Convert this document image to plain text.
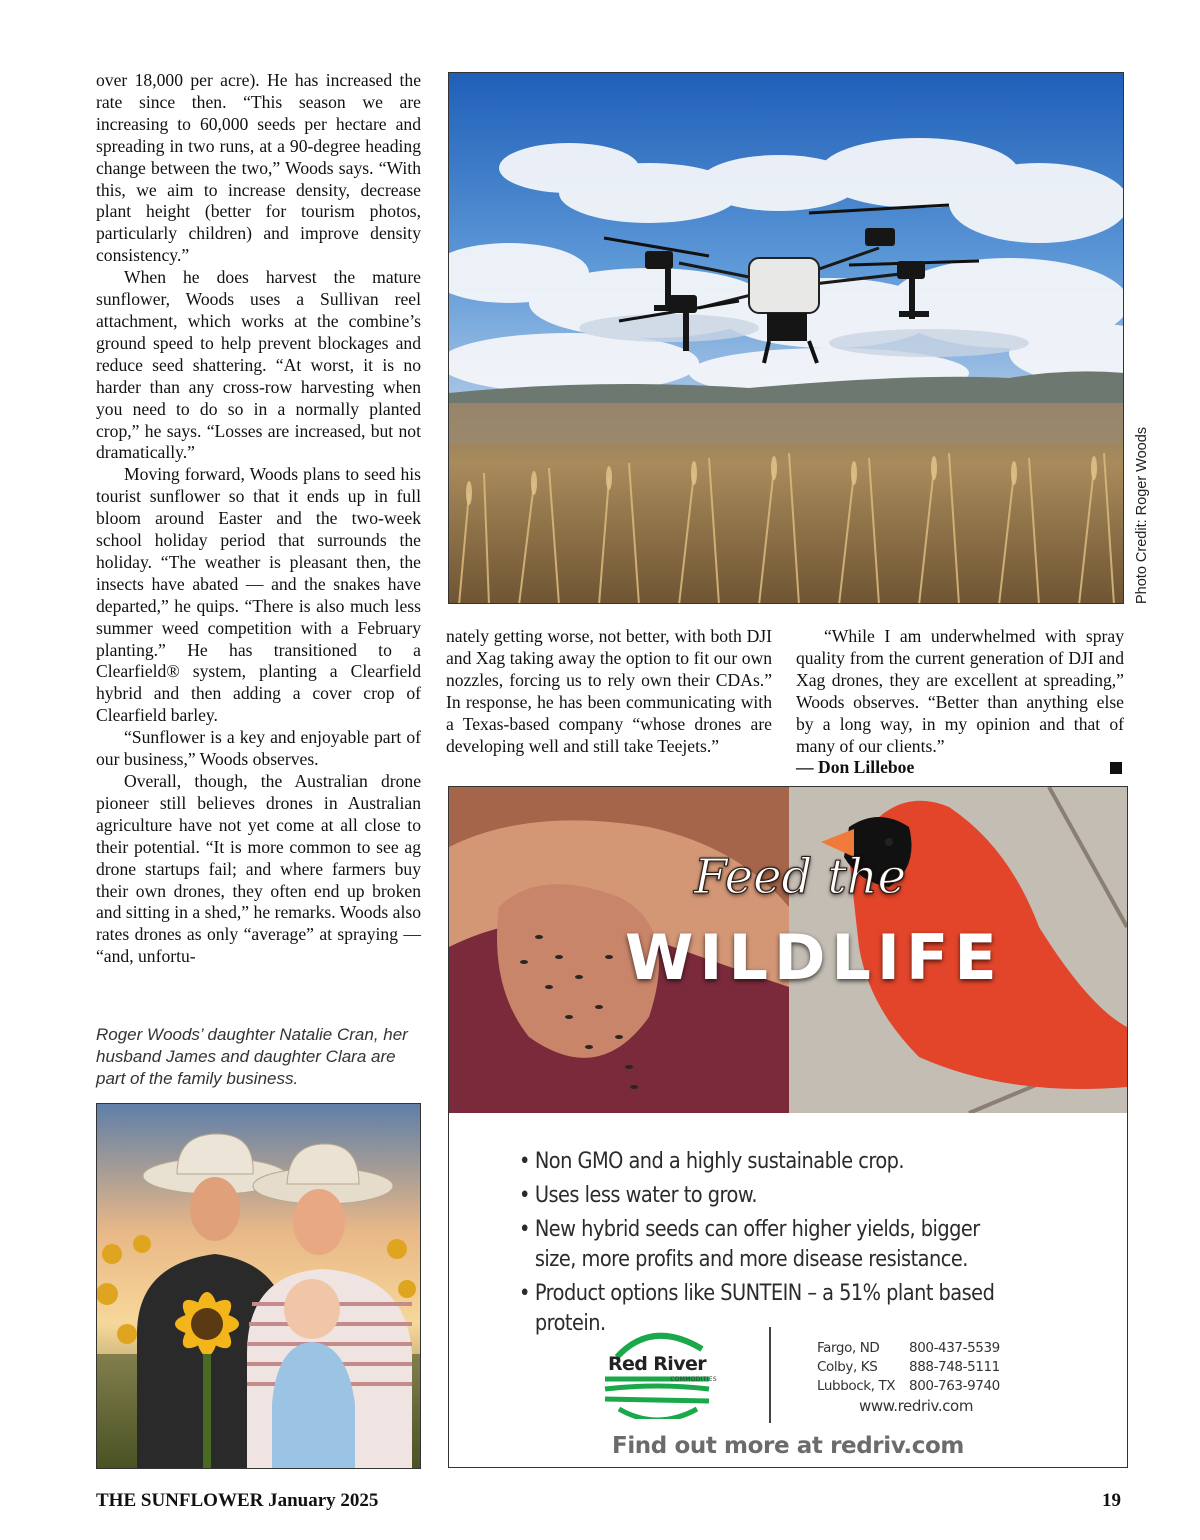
over 18,000 per acre). He has increased the rate since then. “This season we are increasing to 60,000 seeds per hectare and spreading in two runs, at a 90-degree heading change between the two,” Woods says. “With this, we aim to increase density, decrease plant height (better for tourism photos, particularly children) and improve density consistency.”

When he does harvest the mature sunflower, Woods uses a Sullivan reel attachment, which works at the combine’s ground speed to help prevent blockages and reduce seed shattering. “At worst, it is no harder than any cross-row harvesting when you need to do so in a normally planted crop,” he says. “Losses are increased, but not dramatically.”

Moving forward, Woods plans to seed his tourist sunflower so that it ends up in full bloom around Easter and the two-week school holiday period that surrounds the holiday. “The weather is pleasant then, the insects have abated — and the snakes have departed,” he quips. “There is also much less summer weed competition with a February planting.” He has transitioned to a Clearfield® system, planting a Clearfield hybrid and then adding a cover crop of Clearfield barley.

“Sunflower is a key and enjoyable part of our business,” Woods observes.

Overall, though, the Australian drone pioneer still believes drones in Australian agriculture have not yet come at all close to their potential. “It is more common to see ag drone startups fail; and where farmers buy their own drones, they often end up broken and sitting in a shed,” he remarks. Woods also rates drones as only “average” at spraying — “and, unfortu-

Photo Credit: Roger Woods

nately getting worse, not better, with both DJI and Xag taking away the option to fit our own nozzles, forcing us to rely own their CDAs.” In response, he has been communicating with a Texas-based company “whose drones are developing well and still take Teejets.”

“While I am underwhelmed with spray quality from the current generation of DJI and Xag drones, they are excellent at spreading,” Woods observes. “Better than anything else by a long way, in my opinion and that of many of our clients.”

— Don Lilleboe
Roger Woods’ daughter Natalie Cran, her husband James and daughter Clara are part of the family business.
Feed the
WILDLIFE
• Non GMO and a highly sustainable crop.
• Uses less water to grow.
• New hybrid seeds can offer higher yields, bigger size, more profits and more disease resistance.
• Product options like SUNTEIN – a 51% plant based protein.
Red River
COMMODITIES
Fargo, ND	800-437-5539
Colby, KS	888-748-5111
Lubbock, TX	800-763-9740
www.redriv.com
Find out more at redriv.com
THE SUNFLOWER January 2025	19
